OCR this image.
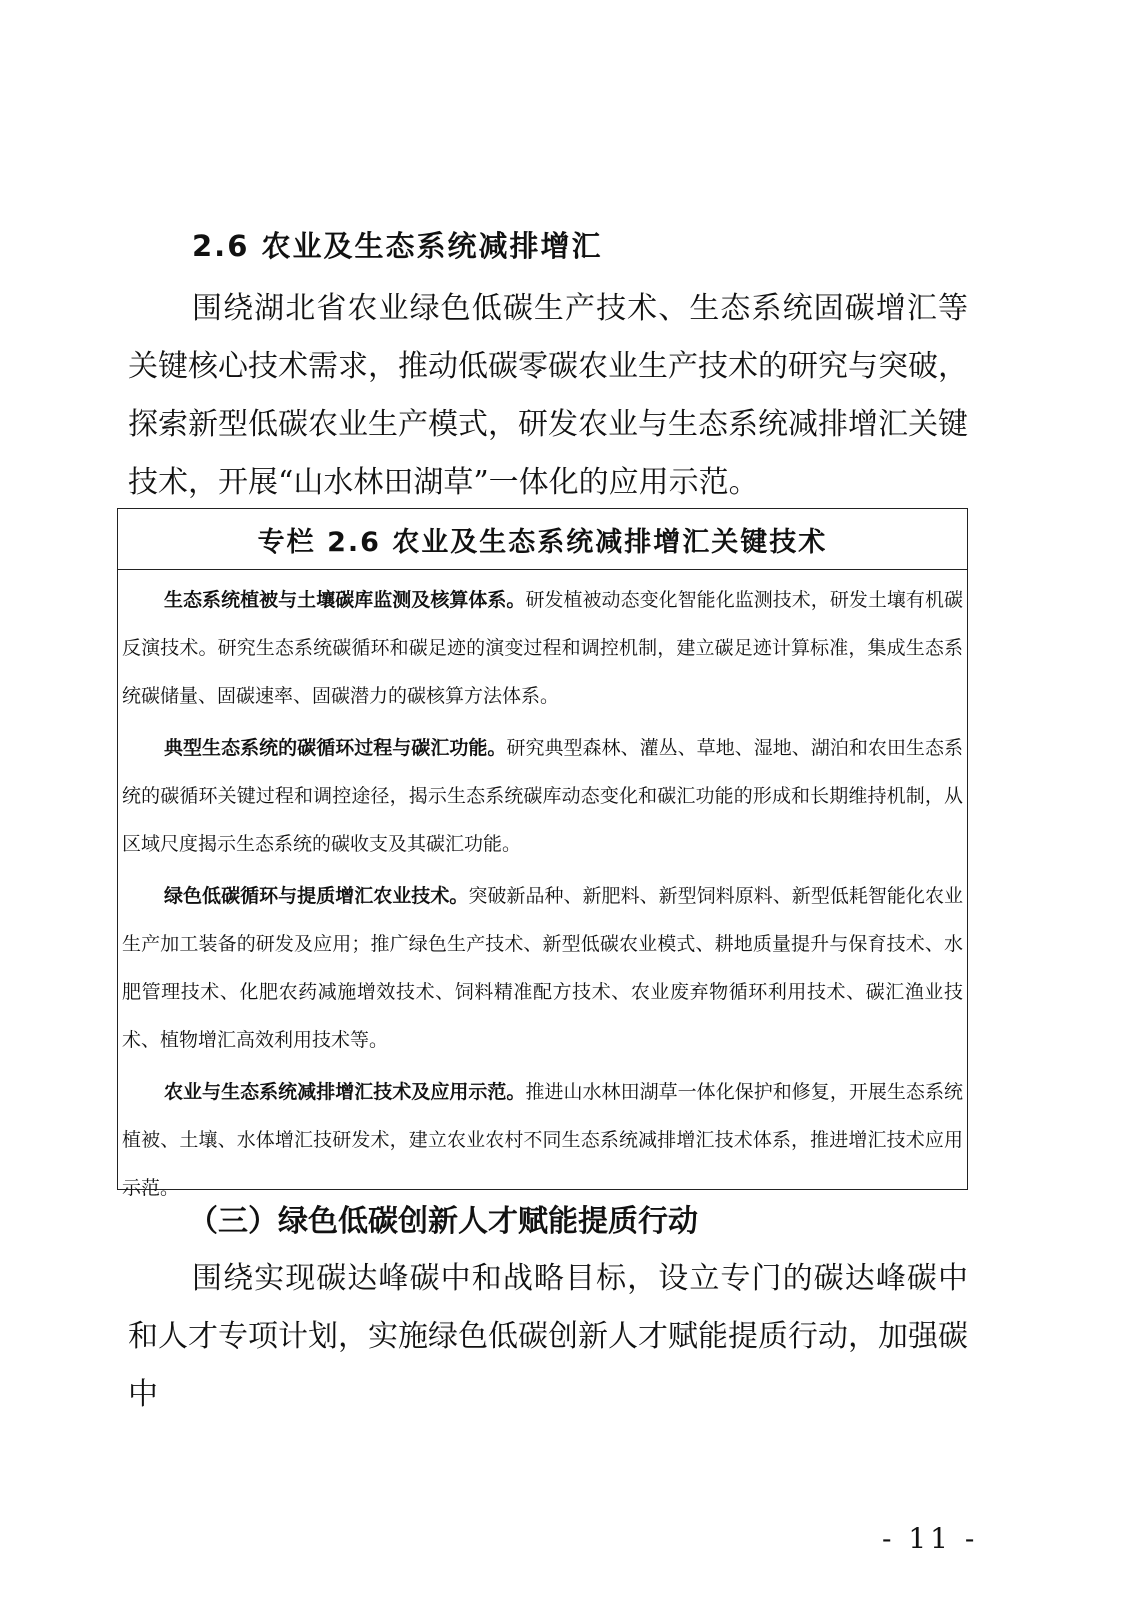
2.6 农业及生态系统减排增汇

围绕湖北省农业绿色低碳生产技术、生态系统固碳增汇等关键核心技术需求，推动低碳零碳农业生产技术的研究与突破，探索新型低碳农业生产模式，研发农业与生态系统减排增汇关键技术，开展“山水林田湖草”一体化的应用示范。

专栏 2.6 农业及生态系统减排增汇关键技术

生态系统植被与土壤碳库监测及核算体系。研发植被动态变化智能化监测技术，研发土壤有机碳反演技术。研究生态系统碳循环和碳足迹的演变过程和调控机制，建立碳足迹计算标准，集成生态系统碳储量、固碳速率、固碳潜力的碳核算方法体系。

典型生态系统的碳循环过程与碳汇功能。研究典型森林、灌丛、草地、湿地、湖泊和农田生态系统的碳循环关键过程和调控途径，揭示生态系统碳库动态变化和碳汇功能的形成和长期维持机制，从区域尺度揭示生态系统的碳收支及其碳汇功能。

绿色低碳循环与提质增汇农业技术。突破新品种、新肥料、新型饲料原料、新型低耗智能化农业生产加工装备的研发及应用；推广绿色生产技术、新型低碳农业模式、耕地质量提升与保育技术、水肥管理技术、化肥农药减施增效技术、饲料精准配方技术、农业废弃物循环利用技术、碳汇渔业技术、植物增汇高效利用技术等。

农业与生态系统减排增汇技术及应用示范。推进山水林田湖草一体化保护和修复，开展生态系统植被、土壤、水体增汇技研发术，建立农业农村不同生态系统减排增汇技术体系，推进增汇技术应用示范。

（三）绿色低碳创新人才赋能提质行动

围绕实现碳达峰碳中和战略目标，设立专门的碳达峰碳中和人才专项计划，实施绿色低碳创新人才赋能提质行动，加强碳中

- 11 -
